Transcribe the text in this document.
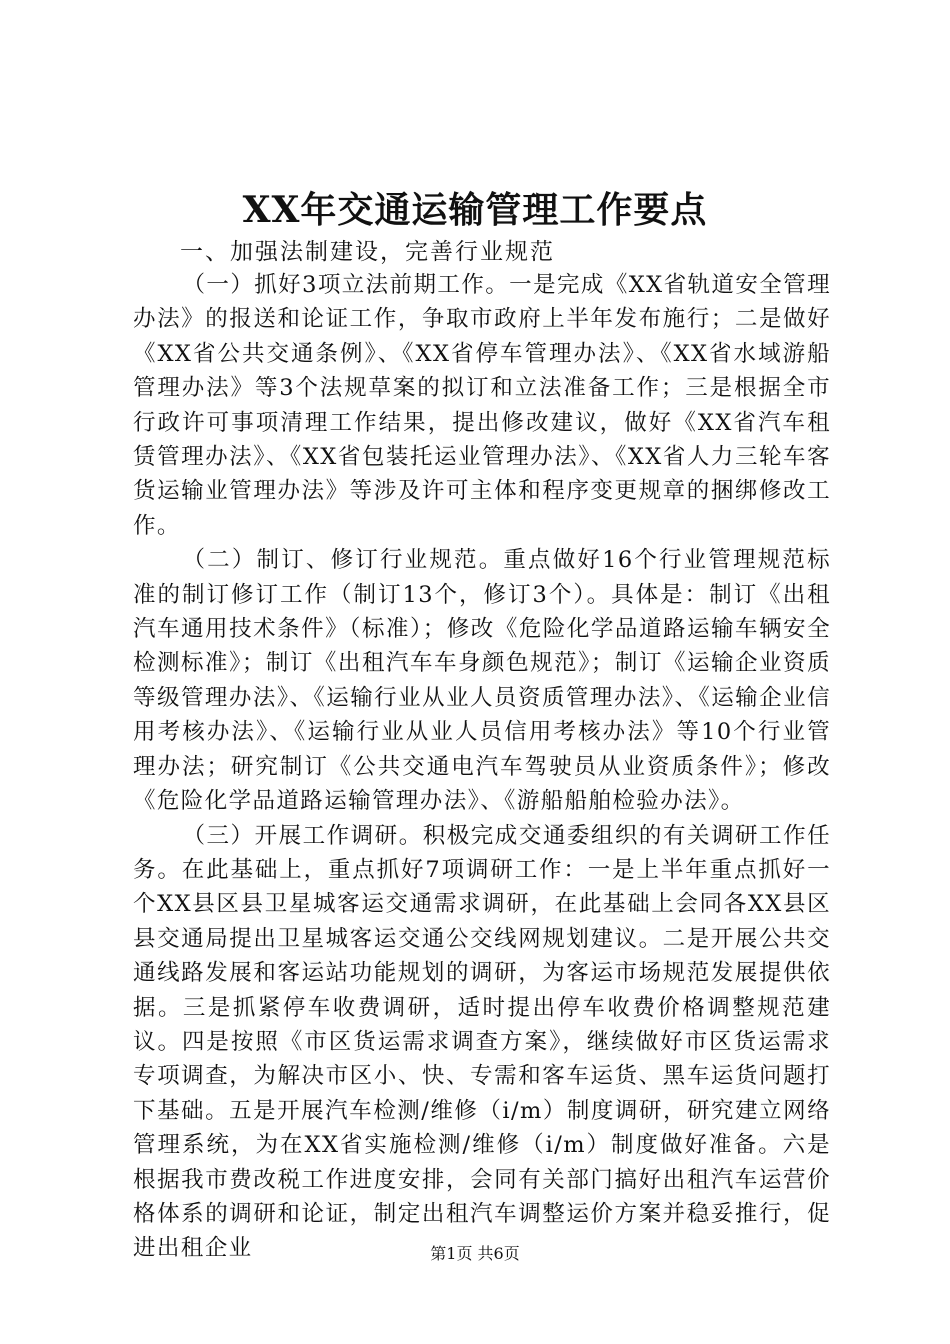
XX年交通运输管理工作要点
一、加强法制建设，完善行业规范

（一）抓好3项立法前期工作。一是完成《XX省轨道安全管理办法》的报送和论证工作，争取市政府上半年发布施行；二是做好《XX省公共交通条例》、《XX省停车管理办法》、《XX省水域游船管理办法》等3个法规草案的拟订和立法准备工作；三是根据全市行政许可事项清理工作结果，提出修改建议，做好《XX省汽车租赁管理办法》、《XX省包装托运业管理办法》、《XX省人力三轮车客货运输业管理办法》等涉及许可主体和程序变更规章的捆绑修改工作。

（二）制订、修订行业规范。重点做好16个行业管理规范标准的制订修订工作（制订13个，修订3个）。具体是：制订《出租汽车通用技术条件》（标准）；修改《危险化学品道路运输车辆安全检测标准》；制订《出租汽车车身颜色规范》；制订《运输企业资质等级管理办法》、《运输行业从业人员资质管理办法》、《运输企业信用考核办法》、《运输行业从业人员信用考核办法》等10个行业管理办法；研究制订《公共交通电汽车驾驶员从业资质条件》；修改《危险化学品道路运输管理办法》、《游船船舶检验办法》。

（三）开展工作调研。积极完成交通委组织的有关调研工作任务。在此基础上，重点抓好7项调研工作：一是上半年重点抓好一个XX县区县卫星城客运交通需求调研，在此基础上会同各XX县区县交通局提出卫星城客运交通公交线网规划建议。二是开展公共交通线路发展和客运站功能规划的调研，为客运市场规范发展提供依据。三是抓紧停车收费调研，适时提出停车收费价格调整规范建议。四是按照《市区货运需求调查方案》，继续做好市区货运需求专项调查，为解决市区小、快、专需和客车运货、黑车运货问题打下基础。五是开展汽车检测/维修（i/m）制度调研，研究建立网络管理系统，为在XX省实施检测/维修（i/m）制度做好准备。六是根据我市费改税工作进度安排，会同有关部门搞好出租汽车运营价格体系的调研和论证，制定出租汽车调整运价方案并稳妥推行，促进出租企业	第1页 共6页
